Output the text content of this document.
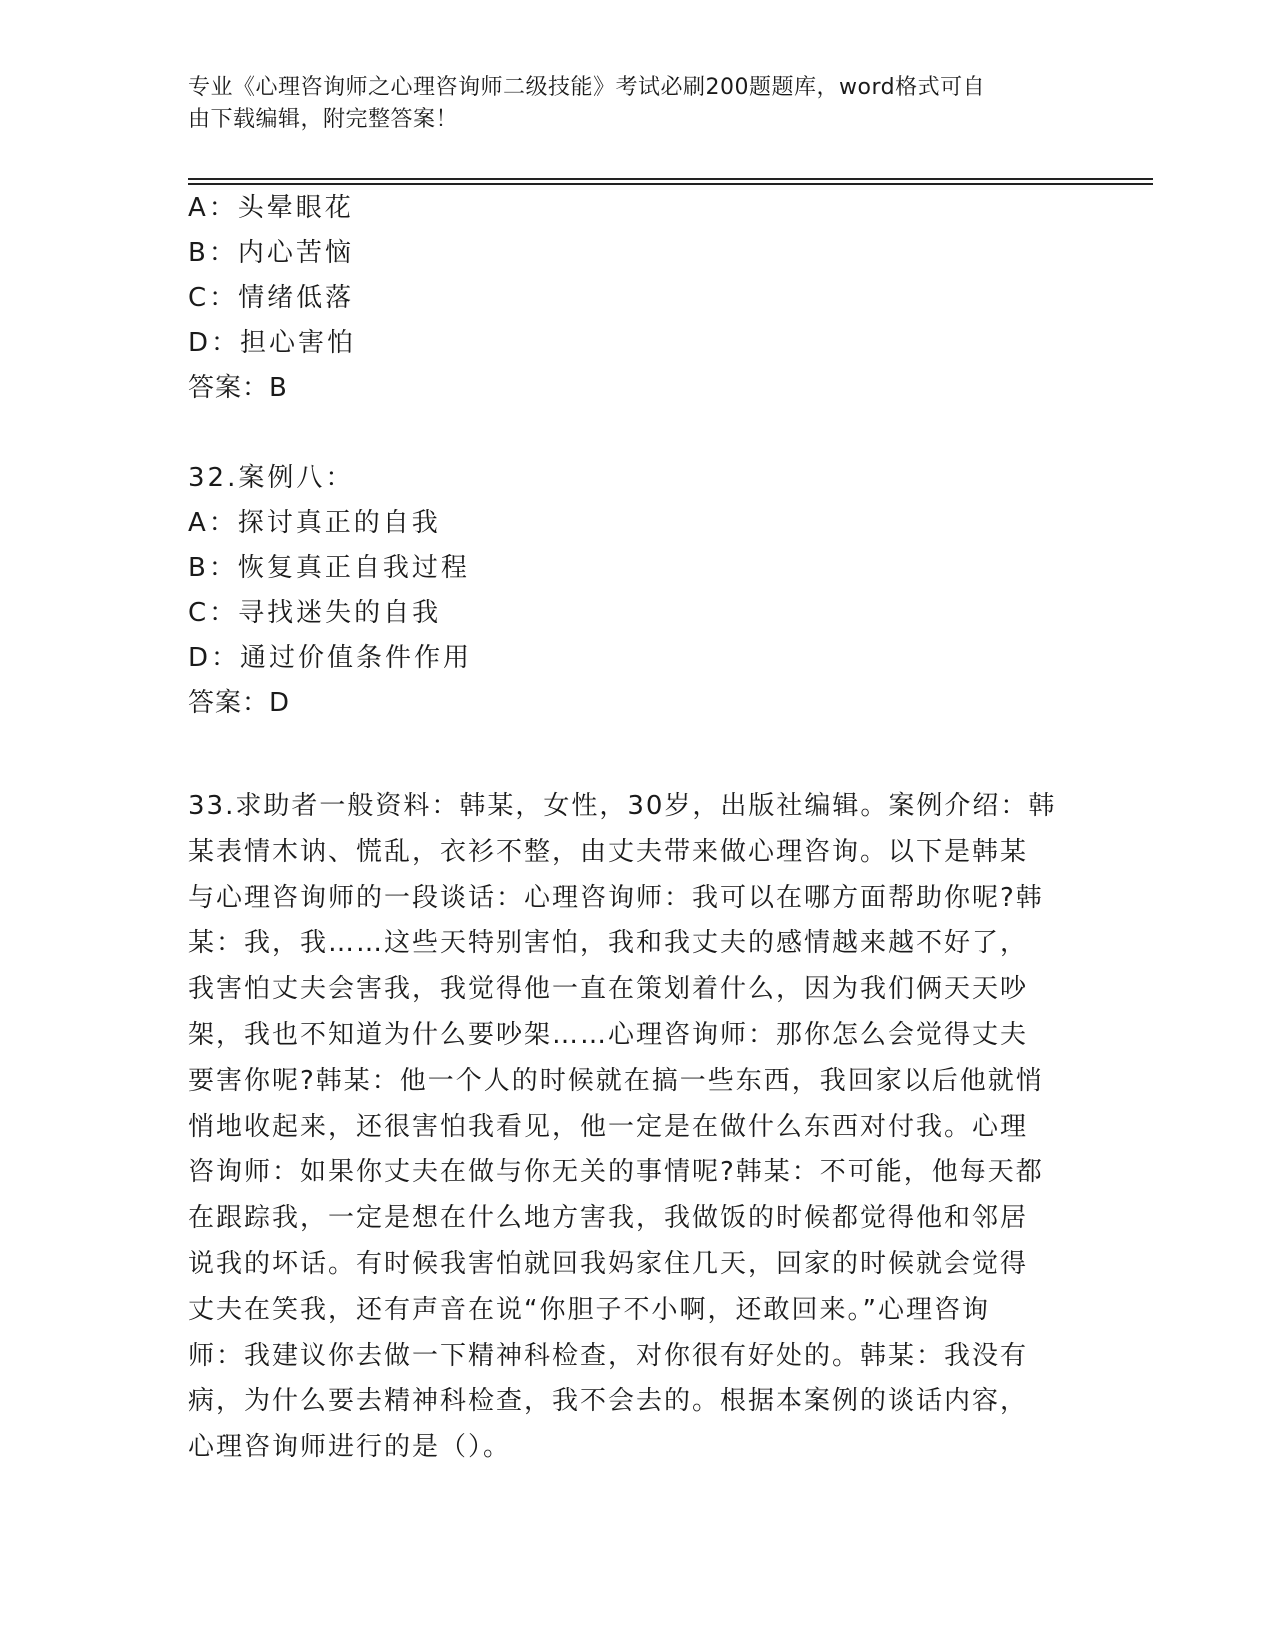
专业《心理咨询师之心理咨询师二级技能》考试必刷200题题库，word格式可自

由下载编辑，附完整答案！

A：头晕眼花

B：内心苦恼

C：情绪低落

D：担心害怕

答案：B

32.案例八：

A：探讨真正的自我

B：恢复真正自我过程

C：寻找迷失的自我

D：通过价值条件作用

答案：D

33.求助者一般资料：韩某，女性，30岁，出版社编辑。案例介绍：韩

某表情木讷、慌乱，衣衫不整，由丈夫带来做心理咨询。以下是韩某

与心理咨询师的一段谈话：心理咨询师：我可以在哪方面帮助你呢?韩

某：我，我……这些天特别害怕，我和我丈夫的感情越来越不好了，

我害怕丈夫会害我，我觉得他一直在策划着什么，因为我们俩天天吵

架，我也不知道为什么要吵架……心理咨询师：那你怎么会觉得丈夫

要害你呢?韩某：他一个人的时候就在搞一些东西，我回家以后他就悄

悄地收起来，还很害怕我看见，他一定是在做什么东西对付我。心理

咨询师：如果你丈夫在做与你无关的事情呢?韩某：不可能，他每天都

在跟踪我，一定是想在什么地方害我，我做饭的时候都觉得他和邻居

说我的坏话。有时候我害怕就回我妈家住几天，回家的时候就会觉得

丈夫在笑我，还有声音在说“你胆子不小啊，还敢回来。”心理咨询

师：我建议你去做一下精神科检查，对你很有好处的。韩某：我没有

病，为什么要去精神科检查，我不会去的。根据本案例的谈话内容，

心理咨询师进行的是（）。
